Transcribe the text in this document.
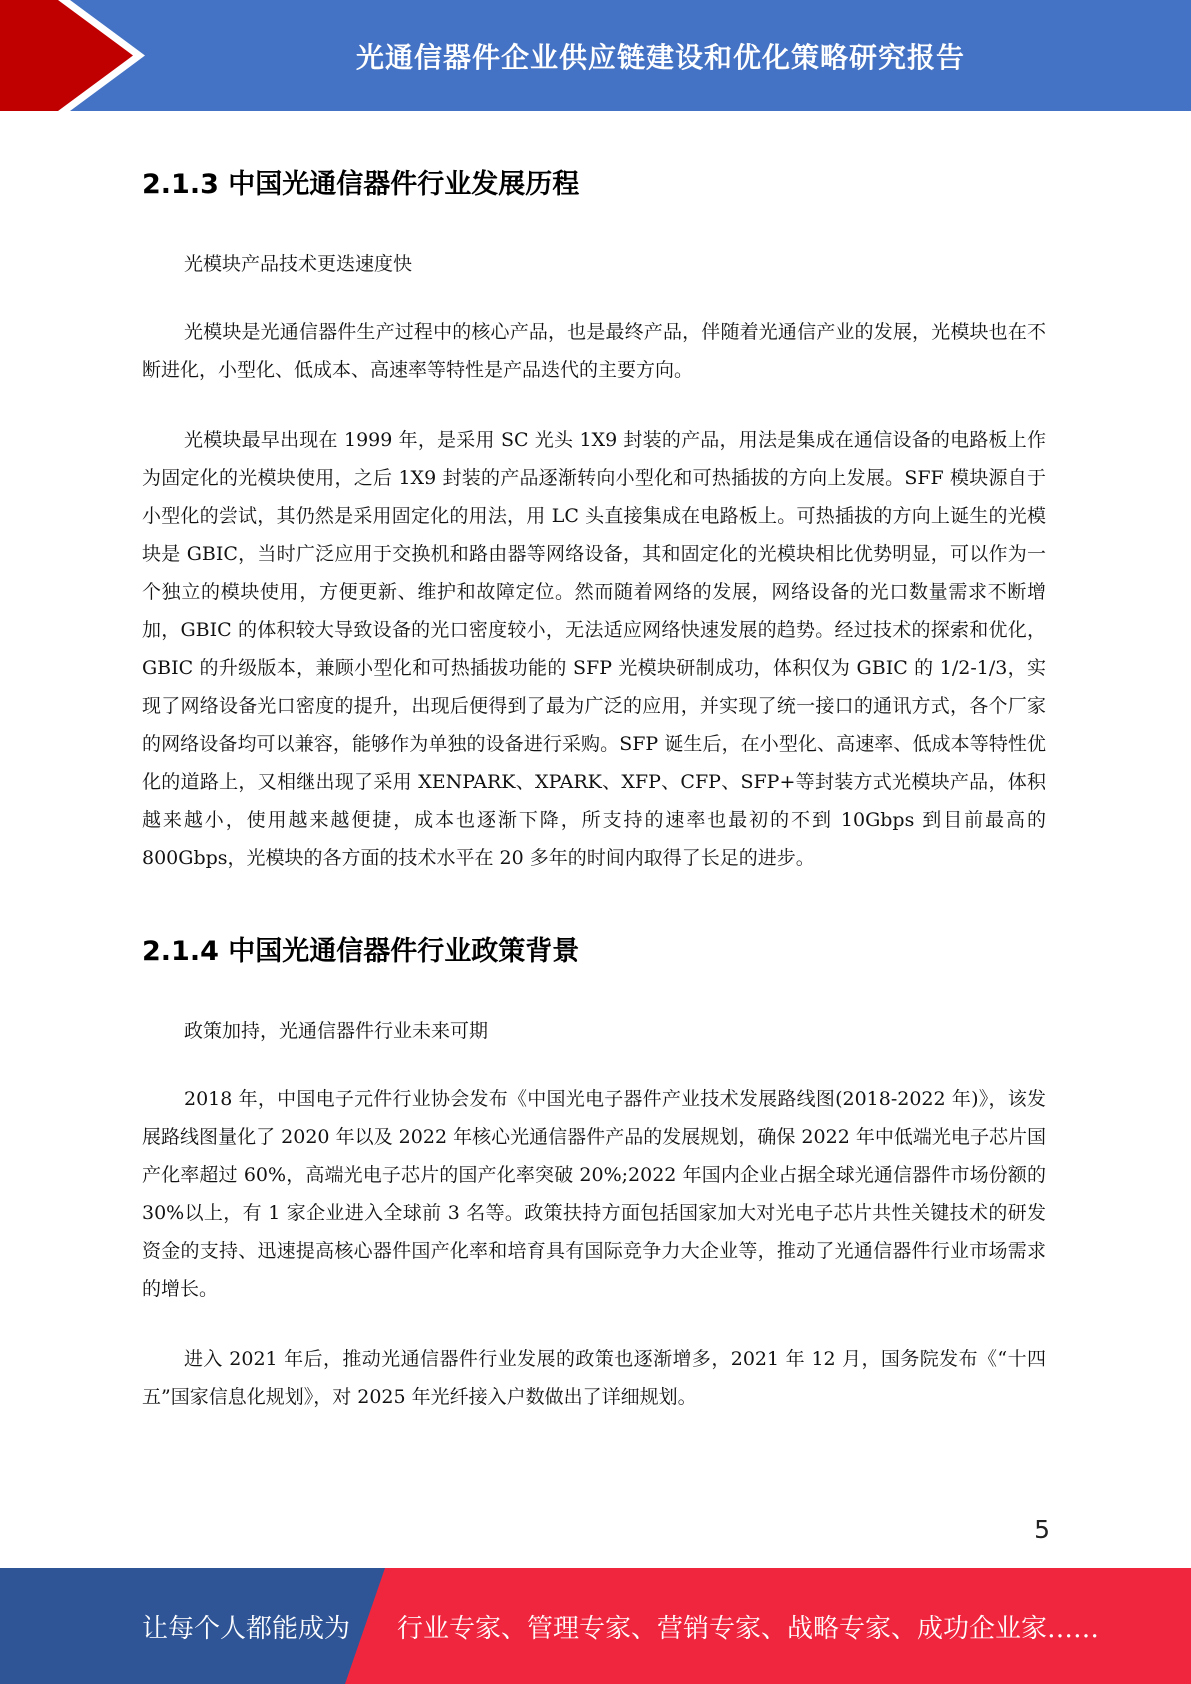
光通信器件企业供应链建设和优化策略研究报告
2.1.3 中国光通信器件行业发展历程
光模块产品技术更迭速度快

光模块是光通信器件生产过程中的核心产品，也是最终产品，伴随着光通信产业的发展，光模块也在不断进化，小型化、低成本、高速率等特性是产品迭代的主要方向。

光模块最早出现在 1999 年，是采用 SC 光头 1X9 封装的产品，用法是集成在通信设备的电路板上作为固定化的光模块使用，之后 1X9 封装的产品逐渐转向小型化和可热插拔的方向上发展。SFF 模块源自于小型化的尝试，其仍然是采用固定化的用法，用 LC 头直接集成在电路板上。可热插拔的方向上诞生的光模块是 GBIC，当时广泛应用于交换机和路由器等网络设备，其和固定化的光模块相比优势明显，可以作为一个独立的模块使用，方便更新、维护和故障定位。然而随着网络的发展，网络设备的光口数量需求不断增加，GBIC 的体积较大导致设备的光口密度较小，无法适应网络快速发展的趋势。经过技术的探索和优化，GBIC 的升级版本，兼顾小型化和可热插拔功能的 SFP 光模块研制成功，体积仅为 GBIC 的 1/2-1/3，实现了网络设备光口密度的提升，出现后便得到了最为广泛的应用，并实现了统一接口的通讯方式，各个厂家的网络设备均可以兼容，能够作为单独的设备进行采购。SFP 诞生后，在小型化、高速率、低成本等特性优化的道路上，又相继出现了采用 XENPARK、XPARK、XFP、CFP、SFP+等封装方式光模块产品，体积越来越小，使用越来越便捷，成本也逐渐下降，所支持的速率也最初的不到 10Gbps 到目前最高的 800Gbps，光模块的各方面的技术水平在 20 多年的时间内取得了长足的进步。

2.1.4 中国光通信器件行业政策背景
政策加持，光通信器件行业未来可期

2018 年，中国电子元件行业协会发布《中国光电子器件产业技术发展路线图(2018-2022 年)》，该发展路线图量化了 2020 年以及 2022 年核心光通信器件产品的发展规划，确保 2022 年中低端光电子芯片国产化率超过 60%，高端光电子芯片的国产化率突破 20%;2022 年国内企业占据全球光通信器件市场份额的 30%以上，有 1 家企业进入全球前 3 名等。政策扶持方面包括国家加大对光电子芯片共性关键技术的研发资金的支持、迅速提高核心器件国产化率和培育具有国际竞争力大企业等，推动了光通信器件行业市场需求的增长。

进入 2021 年后，推动光通信器件行业发展的政策也逐渐增多，2021 年 12 月，国务院发布《“十四五”国家信息化规划》，对 2025 年光纤接入户数做出了详细规划。

5
让每个人都能成为 行业专家、管理专家、营销专家、战略专家、成功企业家……
